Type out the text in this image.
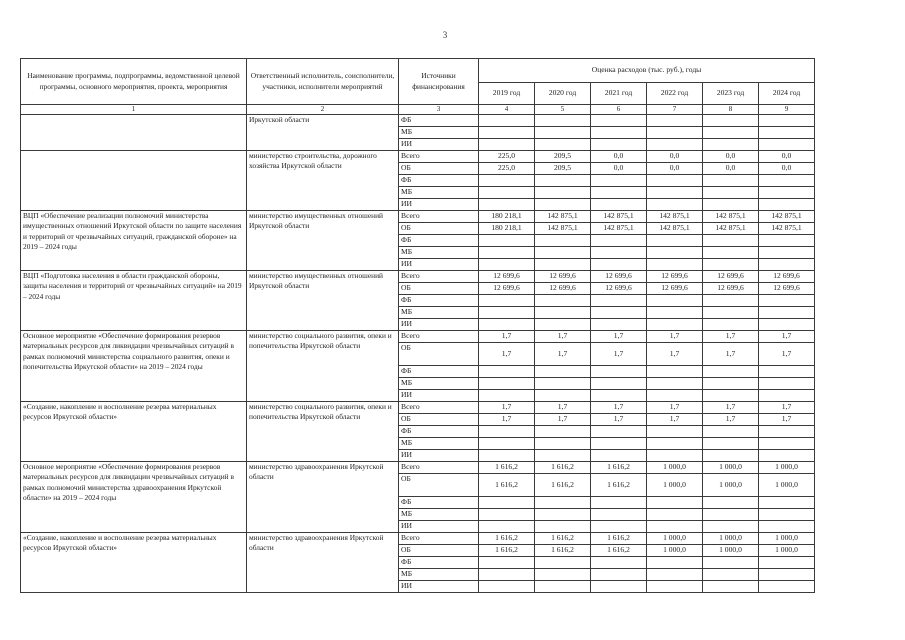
3
Наименование программы, подпрограммы, ведомственной целевой программы, основного мероприятия, проекта, мероприятия	Ответственный исполнитель, соисполнители, участники, исполнители мероприятий	Источники финансирования	Оценка расходов (тыс. руб.), годы					
			2019 год	2020 год	2021 год	2022 год	2023 год	2024 год
1	2	3	4	5	6	7	8	9
	Иркутской области	ФБ						
		МБ						
		ИИ						
	министерство строительства, дорожного хозяйства Иркутской области	Всего	225,0	209,5	0,0	0,0	0,0	0,0
		ОБ	225,0	209,5	0,0	0,0	0,0	0,0
		ФБ						
		МБ						
		ИИ						
ВЦП «Обеспечение реализации полномочий министерства имущественных отношений Иркутской области по защите населения и территорий от чрезвычайных ситуаций, гражданской обороне» на 2019 – 2024 годы	министерство имущественных отношений Иркутской области	Всего	180 218,1	142 875,1	142 875,1	142 875,1	142 875,1	142 875,1
		ОБ	180 218,1	142 875,1	142 875,1	142 875,1	142 875,1	142 875,1
		ФБ						
		МБ						
		ИИ						
ВЦП «Подготовка населения в области гражданской обороны, защиты населения и территорий от чрезвычайных ситуаций» на 2019 – 2024 годы	министерство имущественных отношений Иркутской области	Всего	12 699,6	12 699,6	12 699,6	12 699,6	12 699,6	12 699,6
		ОБ	12 699,6	12 699,6	12 699,6	12 699,6	12 699,6	12 699,6
		ФБ						
		МБ						
		ИИ						
Основное мероприятие «Обеспечение формирования резервов материальных ресурсов для ликвидации чрезвычайных ситуаций в рамках полномочий министерства социального развития, опеки и попечительства Иркутской области» на 2019 – 2024 годы	министерство социального развития, опеки и попечительства Иркутской области	Всего	1,7	1,7	1,7	1,7	1,7	1,7
		ОБ	1,7	1,7	1,7	1,7	1,7	1,7
		ФБ						
		МБ						
		ИИ						
«Создание, накопление и восполнение резерва материальных ресурсов Иркутской области»	министерство социального развития, опеки и попечительства Иркутской области	Всего	1,7	1,7	1,7	1,7	1,7	1,7
		ОБ	1,7	1,7	1,7	1,7	1,7	1,7
		ФБ						
		МБ						
		ИИ						
Основное мероприятие «Обеспечение формирования резервов материальных ресурсов для ликвидации чрезвычайных ситуаций в рамках полномочий министерства здравоохранения Иркутской области» на 2019 – 2024 годы	министерство здравоохранения Иркутской области	Всего	1 616,2	1 616,2	1 616,2	1 000,0	1 000,0	1 000,0
		ОБ	1 616,2	1 616,2	1 616,2	1 000,0	1 000,0	1 000,0
		ФБ						
		МБ						
		ИИ						
«Создание, накопление и восполнение резерва материальных ресурсов Иркутской области»	министерство здравоохранения Иркутской области	Всего	1 616,2	1 616,2	1 616,2	1 000,0	1 000,0	1 000,0
		ОБ	1 616,2	1 616,2	1 616,2	1 000,0	1 000,0	1 000,0
		ФБ						
		МБ						
		ИИ						
